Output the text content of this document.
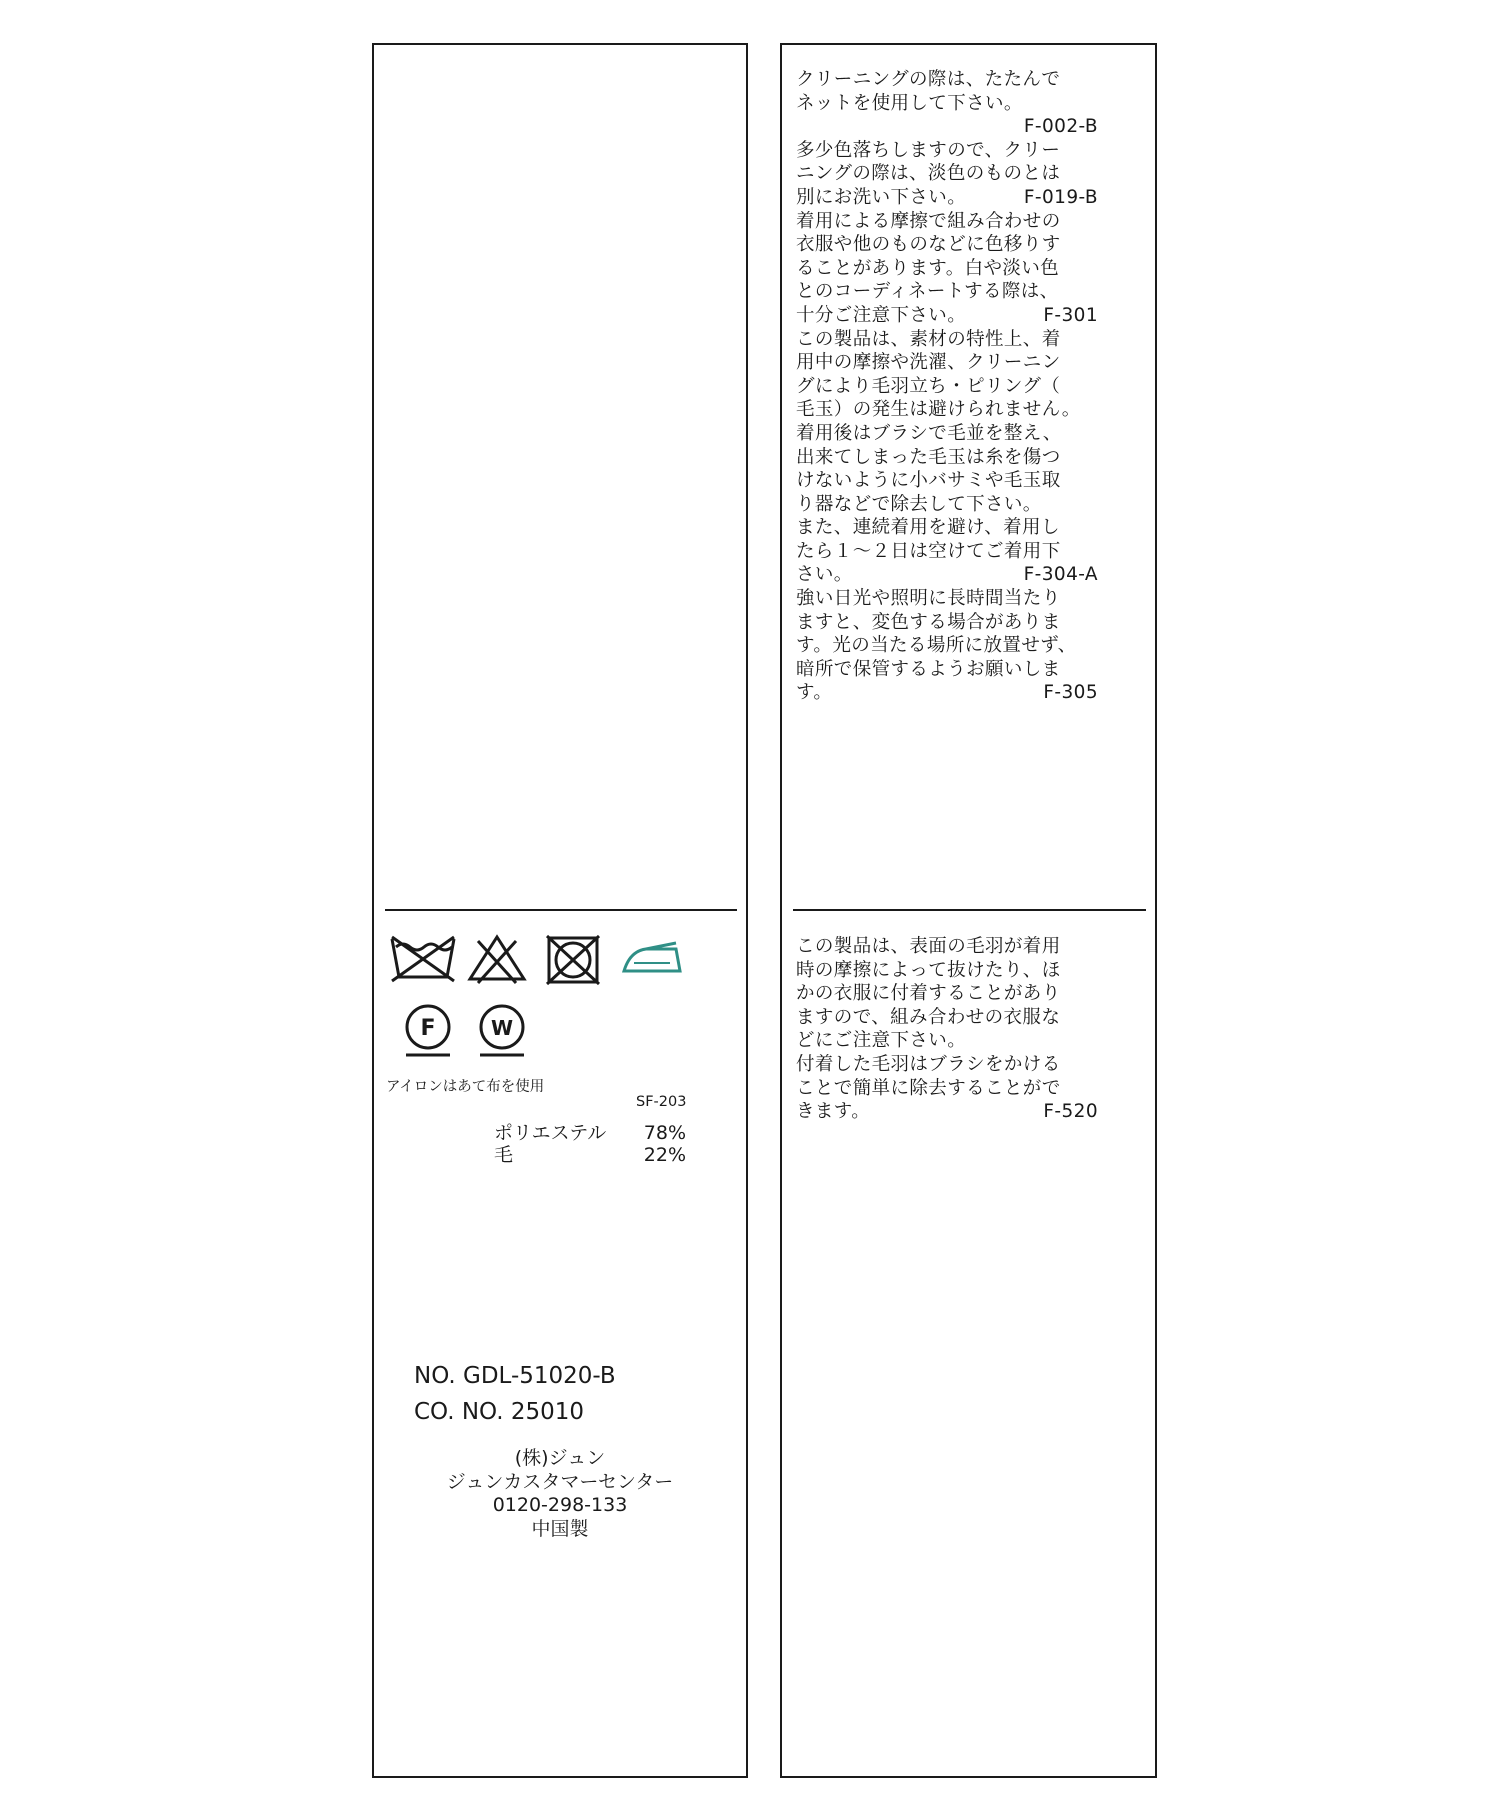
F	W
アイロンはあて布を使用
SF-203
ポリエステル 78%
毛	22%
NO. GDL-51020-B
CO. NO. 25010
(株)ジュン
ジュンカスタマーセンター
0120-298-133
中国製
クリーニングの際は、たたんで
ネットを使用して下さい。
F-002-B
多少色落ちしますので、クリー
ニングの際は、淡色のものとは
F-019-B
別にお洗い下さい。
着用による摩擦で組み合わせの
衣服や他のものなどに色移りす
ることがあります。白や淡い色
とのコーディネートする際は、
F-301
十分ご注意下さい。
この製品は、素材の特性上、着
用中の摩擦や洗濯、クリーニン
グにより毛羽立ち・ピリング（
毛玉）の発生は避けられません。
着用後はブラシで毛並を整え、
出来てしまった毛玉は糸を傷つ
けないように小バサミや毛玉取
り器などで除去して下さい。
また、連続着用を避け、着用し
たら１～２日は空けてご着用下
F-304-A
さい。
強い日光や照明に長時間当たり
ますと、変色する場合がありま
す。光の当たる場所に放置せず、
暗所で保管するようお願いしま
F-305
す。
この製品は、表面の毛羽が着用
時の摩擦によって抜けたり、ほ
かの衣服に付着することがあり
ますので、組み合わせの衣服な
どにご注意下さい。
付着した毛羽はブラシをかける
ことで簡単に除去することがで
F-520
きます。
